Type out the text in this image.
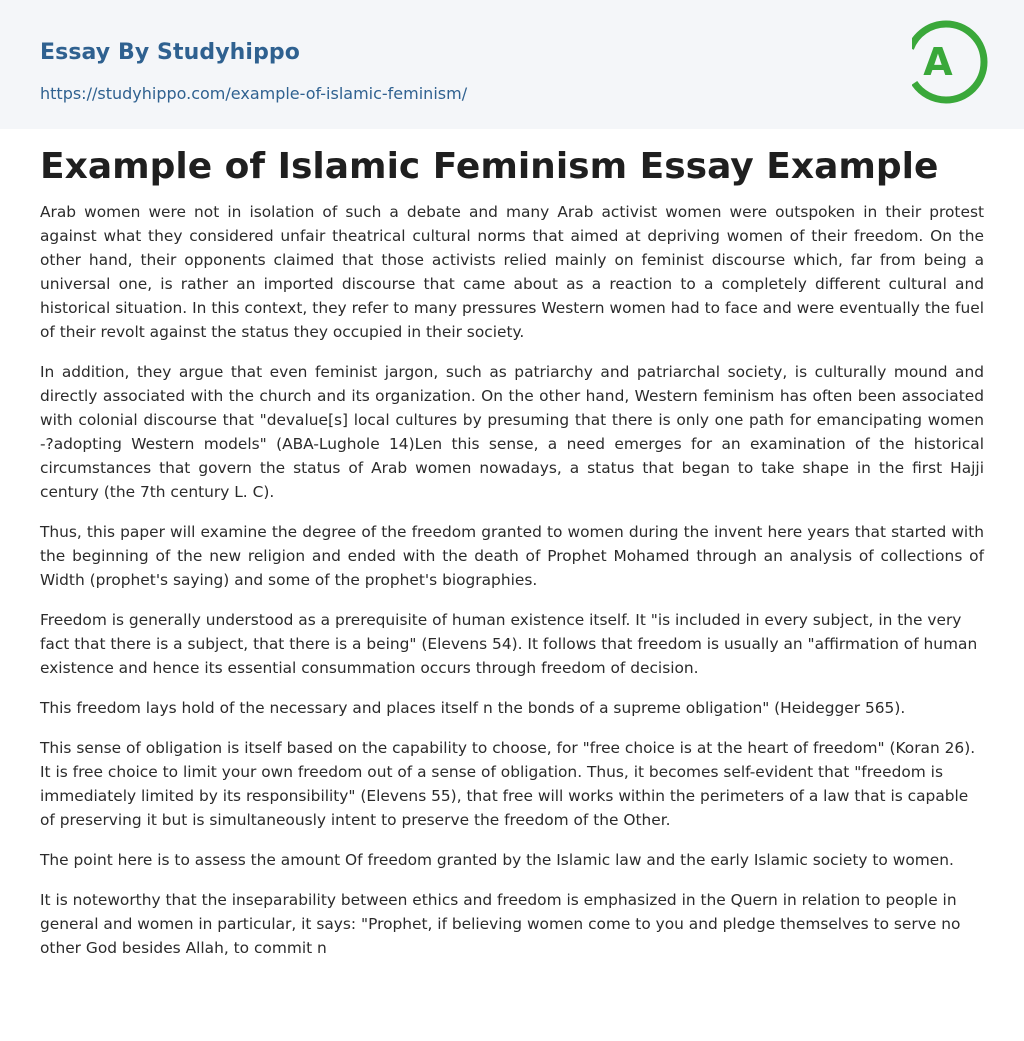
Essay By Studyhippo
https://studyhippo.com/example-of-islamic-feminism/
A
Example of Islamic Feminism Essay Example

Arab women were not in isolation of such a debate and many Arab activist women were outspoken in their protest against what they considered unfair theatrical cultural norms that aimed at depriving women of their freedom. On the other hand, their opponents claimed that those activists relied mainly on feminist discourse which, far from being a universal one, is rather an imported discourse that came about as a reaction to a completely different cultural and historical situation. In this context, they refer to many pressures Western women had to face and were eventually the fuel of their revolt against the status they occupied in their society.

In addition, they argue that even feminist jargon, such as patriarchy and patriarchal society, is culturally mound and directly associated with the church and its organization. On the other hand, Western feminism has often been associated with colonial discourse that "devalue[s] local cultures by presuming that there is only one path for emancipating women -?adopting Western models" (ABA-Lughole 14)Len this sense, a need emerges for an examination of the historical circumstances that govern the status of Arab women nowadays, a status that began to take shape in the first Hajji century (the 7th century L. C).

Thus, this paper will examine the degree of the freedom granted to women during the invent here years that started with the beginning of the new religion and ended with the death of Prophet Mohamed through an analysis of collections of Width (prophet's saying) and some of the prophet's biographies.

Freedom is generally understood as a prerequisite of human existence itself. It "is included in every subject, in the very fact that there is a subject, that there is a being" (Elevens 54). It follows that freedom is usually an "affirmation of human existence and hence its essential consummation occurs through freedom of decision.

This freedom lays hold of the necessary and places itself n the bonds of a supreme obligation" (Heidegger 565).

This sense of obligation is itself based on the capability to choose, for "free choice is at the heart of freedom" (Koran 26). It is free choice to limit your own freedom out of a sense of obligation. Thus, it becomes self-evident that "freedom is immediately limited by its responsibility" (Elevens 55), that free will works within the perimeters of a law that is capable of preserving it but is simultaneously intent to preserve the freedom of the Other.

The point here is to assess the amount Of freedom granted by the Islamic law and the early Islamic society to women.

It is noteworthy that the inseparability between ethics and freedom is emphasized in the Quern in relation to people in general and women in particular, it says: "Prophet, if believing women come to you and pledge themselves to serve no other God besides Allah, to commit n
